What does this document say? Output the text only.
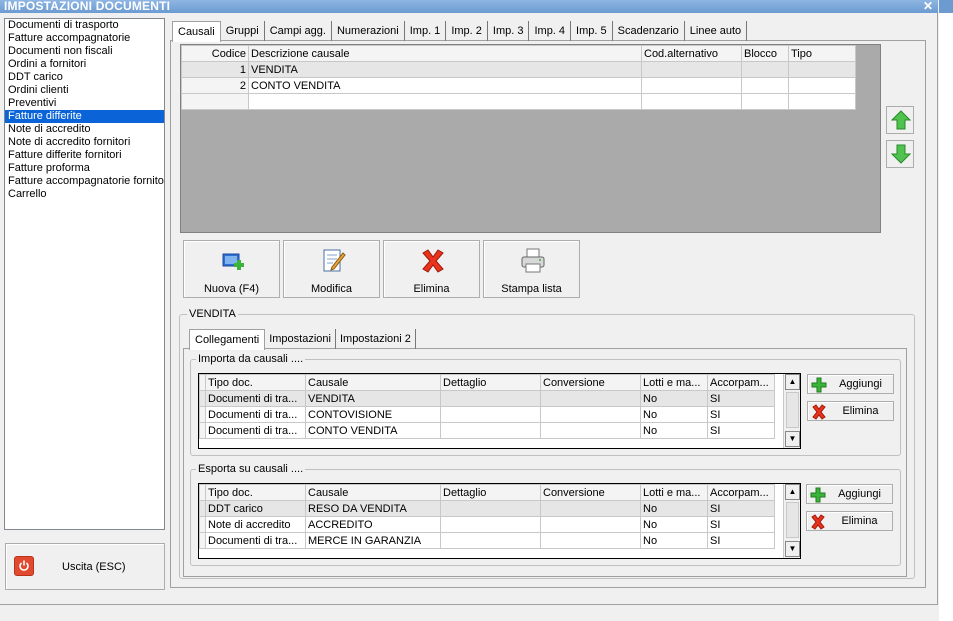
IMPOSTAZIONI DOCUMENTI	✕
Documenti di trasporto
Fatture accompagnatorie
Documenti non fiscali
Ordini a fornitori
DDT carico
Ordini clienti
Preventivi
Fatture differite
Note di accredito
Note di accredito fornitori
Fatture differite fornitori
Fatture proforma
Fatture accompagnatorie fornito
Carrello
Uscita (ESC)
Causali	Gruppi	Campi agg.	Numerazioni	Imp. 1	Imp. 2	Imp. 3	Imp. 4	Imp. 5	Scadenzario	Linee auto
Codice	Descrizione causale	Cod.alternativo	Blocco	Tipo
1	VENDITA			
2	CONTO VENDITA			

Nuova (F4)	Modifica	Elimina	Stampa lista
VENDITA
Collegamenti Impostazioni Impostazioni 2
Importa da causali ....
	Tipo doc.	Causale	Dettaglio	Conversione	Lotti e ma...	Accorpam...
	Documenti di tra...	VENDITA			No	SI
	Documenti di tra...	CONTOVISIONE			No	SI
	Documenti di tra...	CONTO VENDITA			No	SI
▲
▼
Aggiungi
Elimina
Esporta su causali ....
	Tipo doc.	Causale	Dettaglio	Conversione	Lotti e ma...	Accorpam...
	DDT carico	RESO DA VENDITA			No	SI
	Note di accredito	ACCREDITO			No	SI
	Documenti di tra...	MERCE IN GARANZIA			No	SI
▲
▼
Aggiungi
Elimina
